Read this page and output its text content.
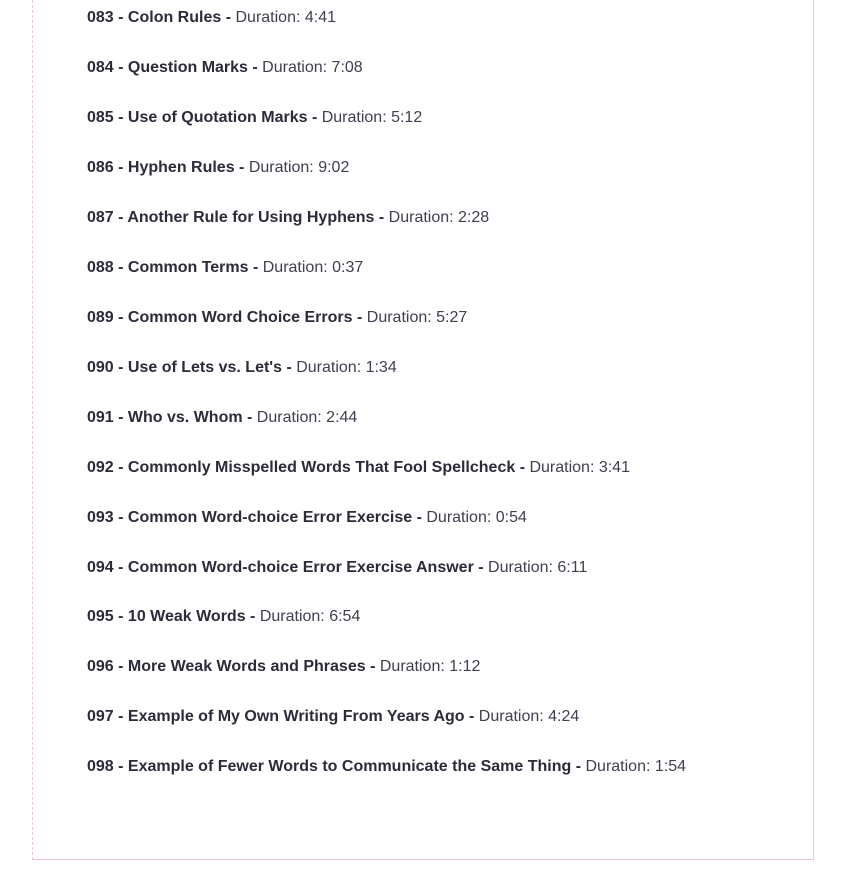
083 - Colon Rules - Duration: 4:41
084 - Question Marks - Duration: 7:08
085 - Use of Quotation Marks - Duration: 5:12
086 - Hyphen Rules - Duration: 9:02
087 - Another Rule for Using Hyphens - Duration: 2:28
088 - Common Terms - Duration: 0:37
089 - Common Word Choice Errors - Duration: 5:27
090 - Use of Lets vs. Let's - Duration: 1:34
091 - Who vs. Whom - Duration: 2:44
092 - Commonly Misspelled Words That Fool Spellcheck - Duration: 3:41
093 - Common Word-choice Error Exercise - Duration: 0:54
094 - Common Word-choice Error Exercise Answer - Duration: 6:11
095 - 10 Weak Words - Duration: 6:54
096 - More Weak Words and Phrases - Duration: 1:12
097 - Example of My Own Writing From Years Ago - Duration: 4:24
098 - Example of Fewer Words to Communicate the Same Thing - Duration: 1:54
